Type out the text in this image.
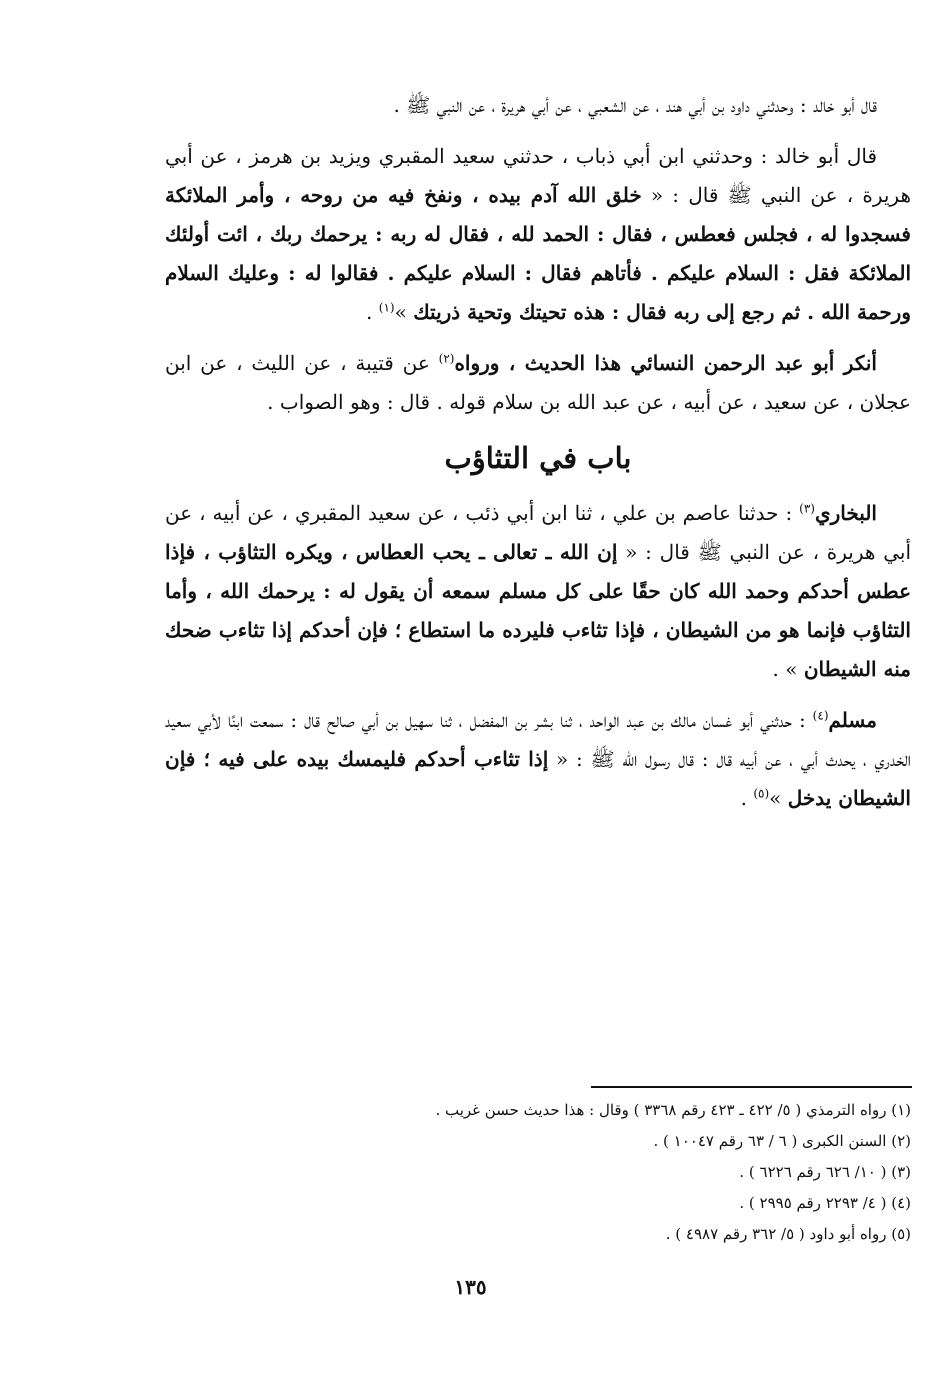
قال أبو خالد : وحدثني داود بن أبي هند ، عن الشعبي ، عن أبي هريرة ، عن النبي ﷺ .

قال أبو خالد : وحدثني ابن أبي ذباب ، حدثني سعيد المقبري ويزيد بن هرمز ، عن أبي هريرة ، عن النبي ﷺ قال : « خلق الله آدم بيده ، ونفخ فيه من روحه ، وأمر الملائكة فسجدوا له ، فجلس فعطس ، فقال : الحمد لله ، فقال له ربه : يرحمك ربك ، ائت أولئك الملائكة فقل : السلام عليكم . فأتاهم فقال : السلام عليكم . فقالوا له : وعليك السلام ورحمة الله . ثم رجع إلى ربه فقال : هذه تحيتك وتحية ذريتك »$^{(١)}$ .

أنكر أبو عبد الرحمن النسائي هذا الحديث ، ورواه$^{(٢)}$ عن قتيبة ، عن الليث ، عن ابن عجلان ، عن سعيد ، عن أبيه ، عن عبد الله بن سلام قوله . قال : وهو الصواب .

باب في التثاؤب

البخاري$^{(٣)}$ : حدثنا عاصم بن علي ، ثنا ابن أبي ذئب ، عن سعيد المقبري ، عن أبيه ، عن أبي هريرة ، عن النبي ﷺ قال : « إن الله ـ تعالى ـ يحب العطاس ، ويكره التثاؤب ، فإذا عطس أحدكم وحمد الله كان حقًا على كل مسلم سمعه أن يقول له : يرحمك الله ، وأما التثاؤب فإنما هو من الشيطان ، فإذا تثاءب فليرده ما استطاع ؛ فإن أحدكم إذا تثاءب ضحك منه الشيطان » .

مسلم$^{(٤)}$ : حدثني أبو غسان مالك بن عبد الواحد ، ثنا بشر بن المفضل ، ثنا سهيل بن أبي صالح قال : سمعت ابنًا لأبي سعيد الخدري ، يحدث أبي ، عن أبيه قال : قال رسول الله ﷺ : « إذا تثاءب أحدكم فليمسك بيده على فيه ؛ فإن الشيطان يدخل »$^{(٥)}$ .

(١) رواه الترمذي ( ٥/ ٤٢٢ ـ ٤٢٣ رقم ٣٣٦٨ ) وقال : هذا حديث حسن غريب .

(٢) السنن الكبرى ( ٦ / ٦٣ رقم ١٠٠٤٧ ) .

(٣) ( ١٠/ ٦٢٦ رقم ٦٢٢٦ ) .

(٤) ( ٤/ ٢٢٩٣ رقم ٢٩٩٥ ) .

(٥) رواه أبو داود ( ٥/ ٣٦٢ رقم ٤٩٨٧ ) .

١٣٥
